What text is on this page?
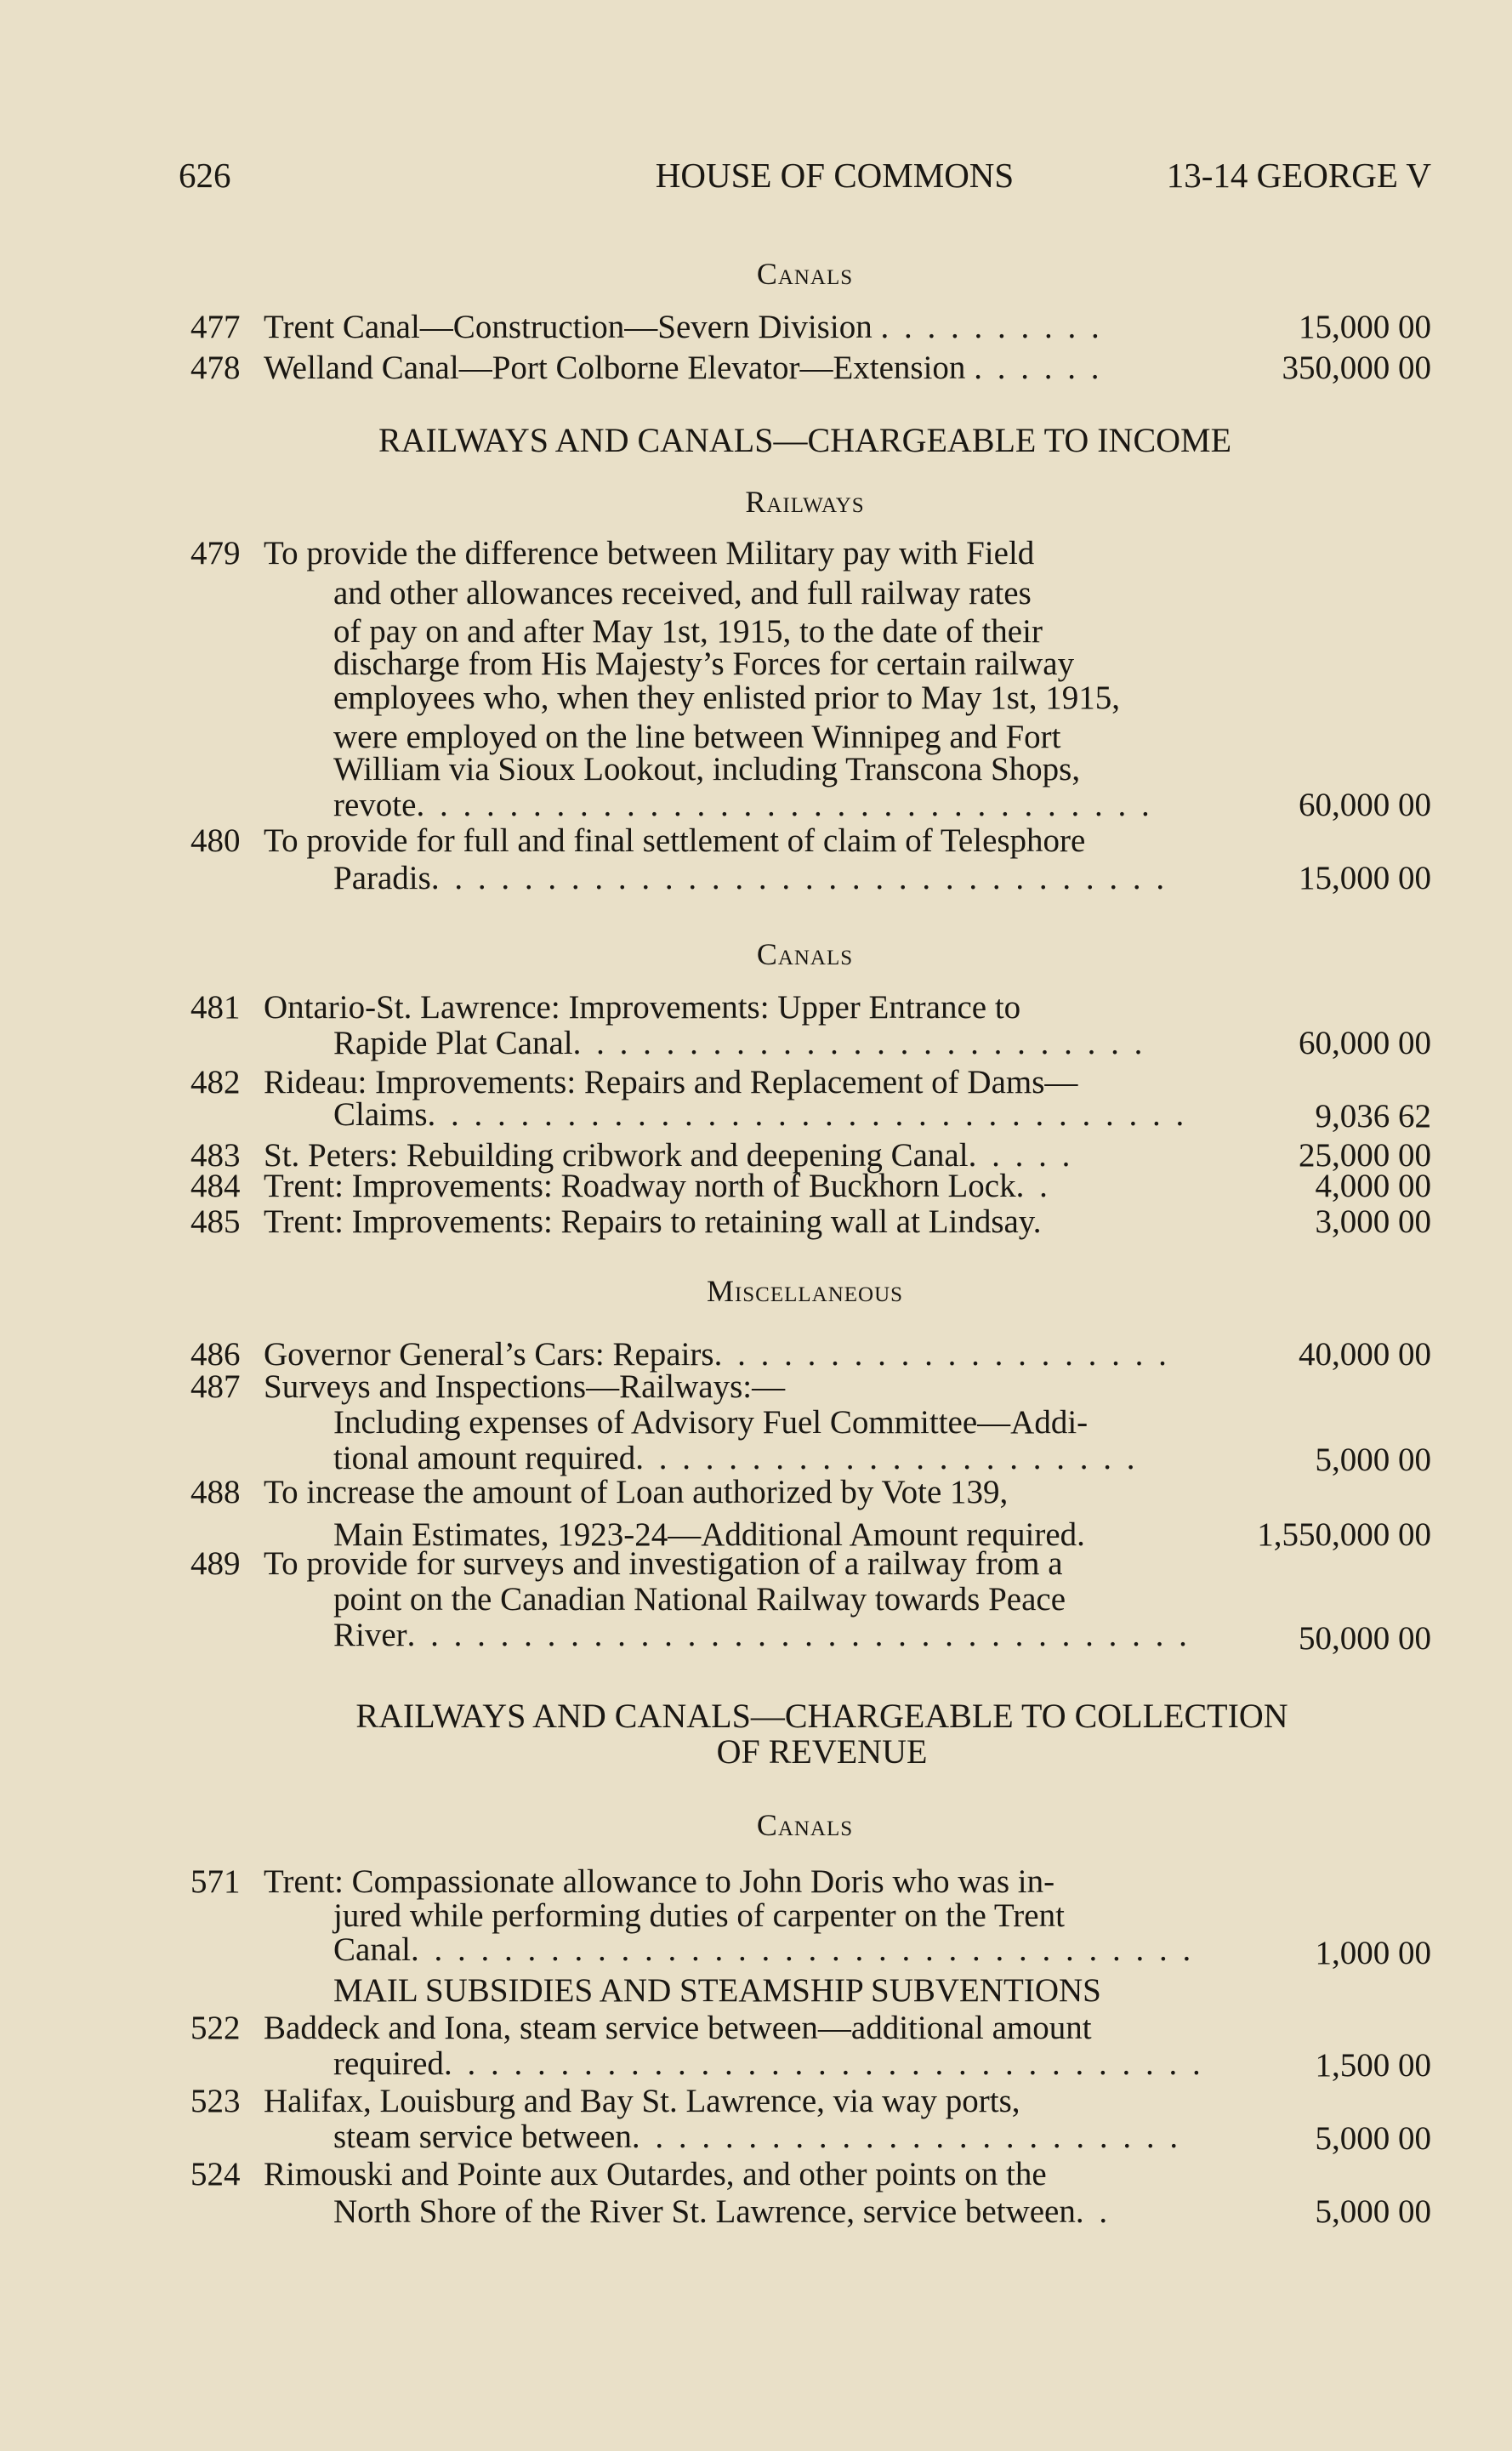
626	HOUSE OF COMMONS	13-14 GEORGE V
Canals
477 Trent Canal—Construction—Severn Division . . . . . . . . . .	15,000 00
478 Welland Canal—Port Colborne Elevator—Extension . . . . . .	350,000 00
RAILWAYS AND CANALS—CHARGEABLE TO INCOME
Railways
479 To provide the difference between Military pay with Field
and other allowances received, and full railway rates
of pay on and after May 1st, 1915, to the date of their
discharge from His Majesty’s Forces for certain railway
employees who, when they enlisted prior to May 1st, 1915,
were employed on the line between Winnipeg and Fort
William via Sioux Lookout, including Transcona Shops,
revote. . . . . . . . . . . . . . . . . . . . . . . . . . . . . . . .	60,000 00
480 To provide for full and final settlement of claim of Telesphore
Paradis. . . . . . . . . . . . . . . . . . . . . . . . . . . . . . . .	15,000 00
Canals
481 Ontario-St. Lawrence: Improvements: Upper Entrance to
Rapide Plat Canal. . . . . . . . . . . . . . . . . . . . . . . . .	60,000 00
482 Rideau: Improvements: Repairs and Replacement of Dams—
Claims. . . . . . . . . . . . . . . . . . . . . . . . . . . . . . . . .	9,036 62
483 St. Peters: Rebuilding cribwork and deepening Canal. . . . .	25,000 00
484 Trent: Improvements: Roadway north of Buckhorn Lock. .	4,000 00
485 Trent: Improvements: Repairs to retaining wall at Lindsay.	3,000 00
Miscellaneous
486 Governor General’s Cars: Repairs. . . . . . . . . . . . . . . . . . . .	40,000 00
487 Surveys and Inspections—Railways:—
Including expenses of Advisory Fuel Committee—Addi-
tional amount required. . . . . . . . . . . . . . . . . . . . . .	5,000 00
488 To increase the amount of Loan authorized by Vote 139,
Main Estimates, 1923-24—Additional Amount required.	1,550,000 00
489 To provide for surveys and investigation of a railway from a
point on the Canadian National Railway towards Peace
River. . . . . . . . . . . . . . . . . . . . . . . . . . . . . . . . . .	50,000 00
RAILWAYS AND CANALS—CHARGEABLE TO COLLECTION
OF REVENUE
Canals
571 Trent: Compassionate allowance to John Doris who was in-
jured while performing duties of carpenter on the Trent
Canal. . . . . . . . . . . . . . . . . . . . . . . . . . . . . . . . . .	1,000 00
MAIL SUBSIDIES AND STEAMSHIP SUBVENTIONS
522 Baddeck and Iona, steam service between—additional amount
required. . . . . . . . . . . . . . . . . . . . . . . . . . . . . . . . .	1,500 00
523 Halifax, Louisburg and Bay St. Lawrence, via way ports,
steam service between. . . . . . . . . . . . . . . . . . . . . . . .	5,000 00
524 Rimouski and Pointe aux Outardes, and other points on the
North Shore of the River St. Lawrence, service between. .	5,000 00
